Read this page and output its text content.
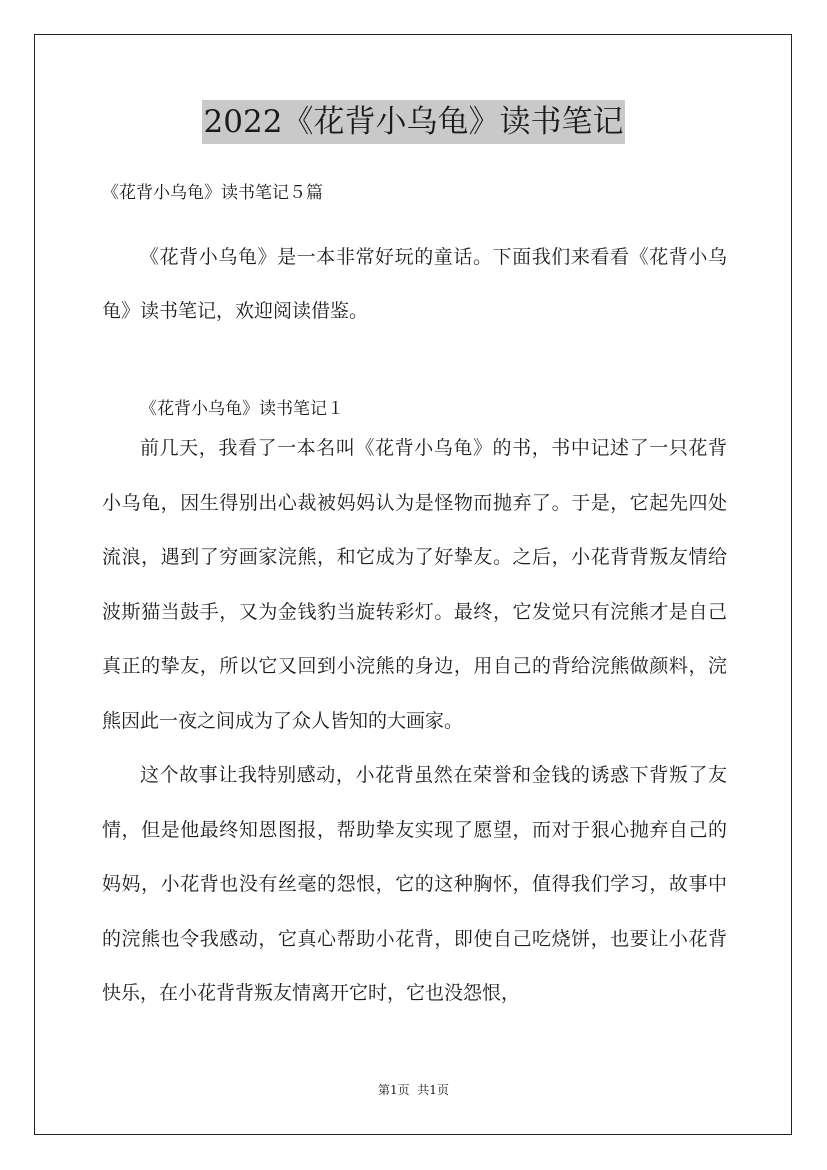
2022《花背小乌龟》读书笔记
《花背小乌龟》读书笔记５篇

《花背小乌龟》是一本非常好玩的童话。下面我们来看看《花背小乌龟》读书笔记，欢迎阅读借鉴。

《花背小乌龟》读书笔记１

前几天，我看了一本名叫《花背小乌龟》的书，书中记述了一只花背小乌龟，因生得别出心裁被妈妈认为是怪物而抛弃了。于是，它起先四处流浪，遇到了穷画家浣熊，和它成为了好挚友。之后，小花背背叛友情给波斯猫当鼓手，又为金钱豹当旋转彩灯。最终，它发觉只有浣熊才是自己真正的挚友，所以它又回到小浣熊的身边，用自己的背给浣熊做颜料，浣熊因此一夜之间成为了众人皆知的大画家。

这个故事让我特别感动，小花背虽然在荣誉和金钱的诱惑下背叛了友情，但是他最终知恩图报，帮助挚友实现了愿望，而对于狠心抛弃自己的妈妈，小花背也没有丝毫的怨恨，它的这种胸怀，值得我们学习，故事中的浣熊也令我感动，它真心帮助小花背，即使自己吃烧饼，也要让小花背快乐，在小花背背叛友情离开它时，它也没怨恨，

第1页  共1页
